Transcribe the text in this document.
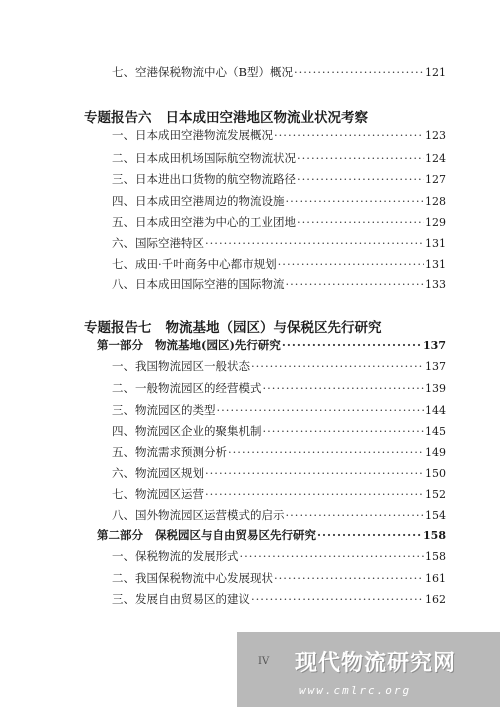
七、空港保税物流中心（B型）概况 ·····	121
专题报告六 日本成田空港地区物流业状况考察
一、日本成田空港物流发展概况 ·····	123
二、日本成田机场国际航空物流状况 ·····	124
三、日本进出口货物的航空物流路径 ·····	127
四、日本成田空港周边的物流设施 ·····	128
五、日本成田空港为中心的工业团地 ·····	129
六、国际空港特区 ·····	131
七、成田·千叶商务中心都市规划 ·····	131
八、日本成田国际空港的国际物流 ·····	133
专题报告七 物流基地（园区）与保税区先行研究
第一部分 物流基地(园区)先行研究 ·····	137
一、我国物流园区一般状态 ·····	137
二、一般物流园区的经营模式 ·····	139
三、物流园区的类型 ·····	144
四、物流园区企业的聚集机制 ·····	145
五、物流需求预测分析 ·····	149
六、物流园区规划 ·····	150
七、物流园区运营 ·····	152
八、国外物流园区运营模式的启示 ·····	154
第二部分 保税园区与自由贸易区先行研究 ·····	158
一、保税物流的发展形式 ·····	158
二、我国保税物流中心发展现状 ·····	161
三、发展自由贸易区的建议 ·····	162
现代物流研究网
www.cmlrc.org
IV
